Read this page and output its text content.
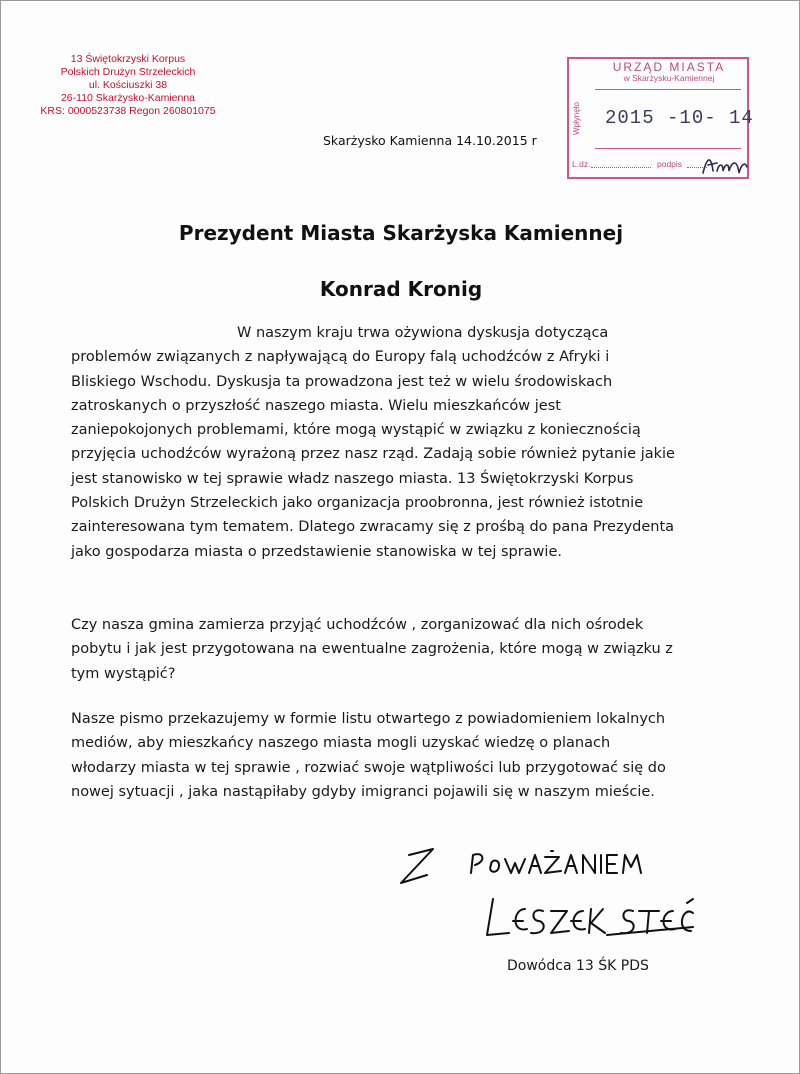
13 Świętokrzyski Korpus
Polskich Drużyn Strzeleckich
ul. Kościuszki 38
26-110 Skarżysko-Kamienna
KRS: 0000523738 Regon 260801075
Skarżysko Kamienna 14.10.2015 r
URZĄD MIASTA
w Skarżysku-Kamiennej
Wpłynęło 2015 -10- 14
L.dz.	podpis
Prezydent Miasta Skarżyska Kamiennej
Konrad Kronig
W naszym kraju trwa ożywiona dyskusja dotycząca
problemów związanych z napływającą do Europy falą uchodźców z Afryki i
Bliskiego Wschodu. Dyskusja ta prowadzona jest też w wielu środowiskach
zatroskanych o przyszłość naszego miasta. Wielu mieszkańców jest
zaniepokojonych problemami, które mogą wystąpić w związku z koniecznością
przyjęcia uchodźców wyrażoną przez nasz rząd. Zadają sobie również pytanie jakie
jest stanowisko w tej sprawie władz naszego miasta. 13 Świętokrzyski Korpus
Polskich Drużyn Strzeleckich jako organizacja proobronna, jest również istotnie
zainteresowana tym tematem. Dlatego zwracamy się z prośbą do pana Prezydenta
jako gospodarza miasta o przedstawienie stanowiska w tej sprawie.
Czy nasza gmina zamierza przyjąć uchodźców , zorganizować dla nich ośrodek
pobytu i jak jest przygotowana na ewentualne zagrożenia, które mogą w związku z
tym wystąpić?
Nasze pismo przekazujemy w formie listu otwartego z powiadomieniem lokalnych
mediów, aby mieszkańcy naszego miasta mogli uzyskać wiedzę o planach
włodarzy miasta w tej sprawie , rozwiać swoje wątpliwości lub przygotować się do
nowej sytuacji , jaka nastąpiłaby gdyby imigranci pojawili się w naszym mieście.
Dowódca 13 ŚK PDS
